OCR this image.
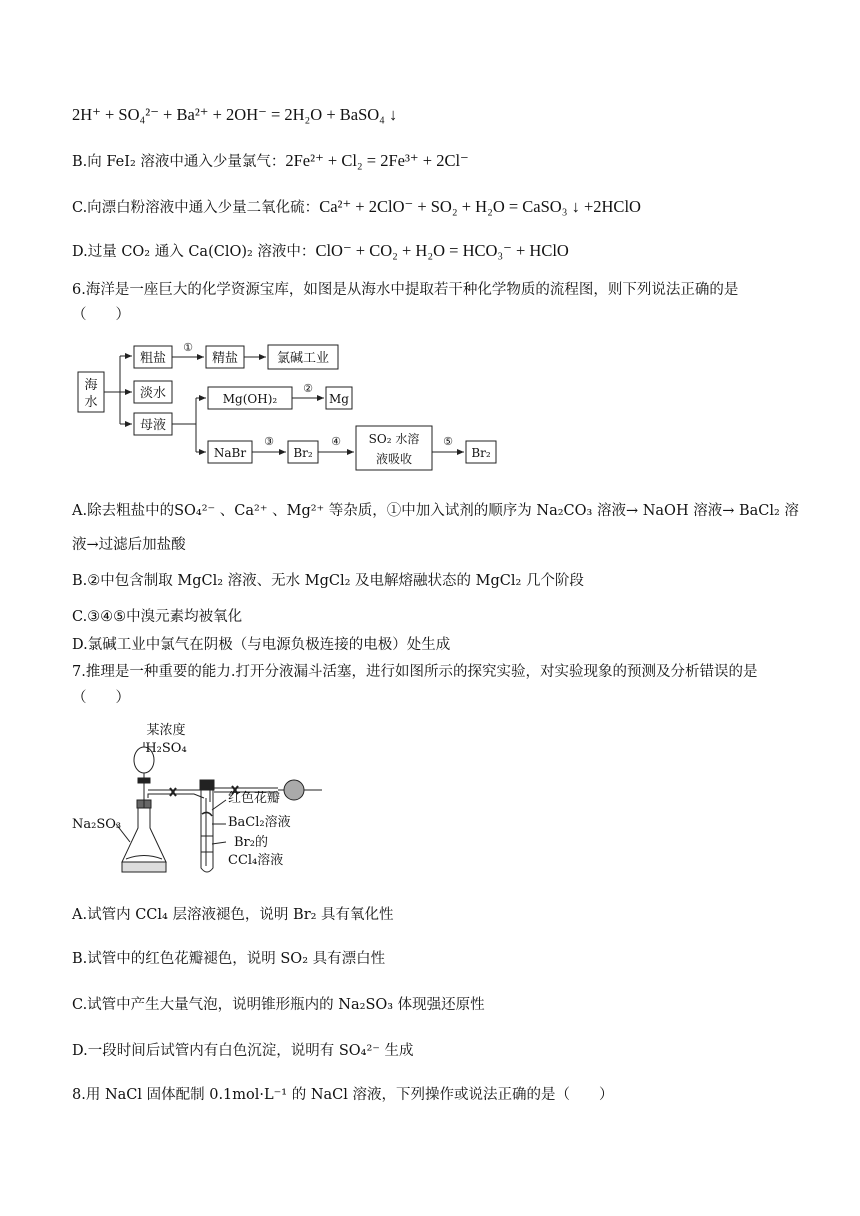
2H⁺ + SO₄²⁻ + Ba²⁺ + 2OH⁻ = 2H₂O + BaSO₄ ↓
B.向 FeI₂ 溶液中通入少量氯气：2Fe²⁺ + Cl₂ = 2Fe³⁺ + 2Cl⁻
C.向漂白粉溶液中通入少量二氧化硫：Ca²⁺ + 2ClO⁻ + SO₂ + H₂O = CaSO₃ ↓ +2HClO
D.过量 CO₂ 通入 Ca(ClO)₂ 溶液中：ClO⁻ + CO₂ + H₂O = HCO₃⁻ + HClO
6.海洋是一座巨大的化学资源宝库，如图是从海水中提取若干种化学物质的流程图，则下列说法正确的是
（　　）
海
水
粗盐
①
精盐	氯碱工业
淡水
母液
Mg(OH)₂
②
Mg
NaBr
③
Br₂
④ SO₂ 水溶
液吸收
⑤
Br₂
A.除去粗盐中的SO₄²⁻ 、Ca²⁺ 、Mg²⁺ 等杂质，①中加入试剂的顺序为 Na₂CO₃ 溶液→ NaOH 溶液→ BaCl₂ 溶
液→过滤后加盐酸
B.②中包含制取 MgCl₂ 溶液、无水 MgCl₂ 及电解熔融状态的 MgCl₂ 几个阶段
C.③④⑤中溴元素均被氧化
D.氯碱工业中氯气在阴极（与电源负极连接的电极）处生成
7.推理是一种重要的能力.打开分液漏斗活塞，进行如图所示的探究实验，对实验现象的预测及分析错误的是
（　　）
某浓度
H₂SO₄
Na₂SO₃
红色花瓣
BaCl₂溶液
Br₂的
CCl₄溶液
A.试管内 CCl₄ 层溶液褪色，说明 Br₂ 具有氧化性
B.试管中的红色花瓣褪色，说明 SO₂ 具有漂白性
C.试管中产生大量气泡，说明锥形瓶内的 Na₂SO₃ 体现强还原性
D.一段时间后试管内有白色沉淀，说明有 SO₄²⁻ 生成
8.用 NaCl 固体配制 0.1mol·L⁻¹ 的 NaCl 溶液，下列操作或说法正确的是（　　）
